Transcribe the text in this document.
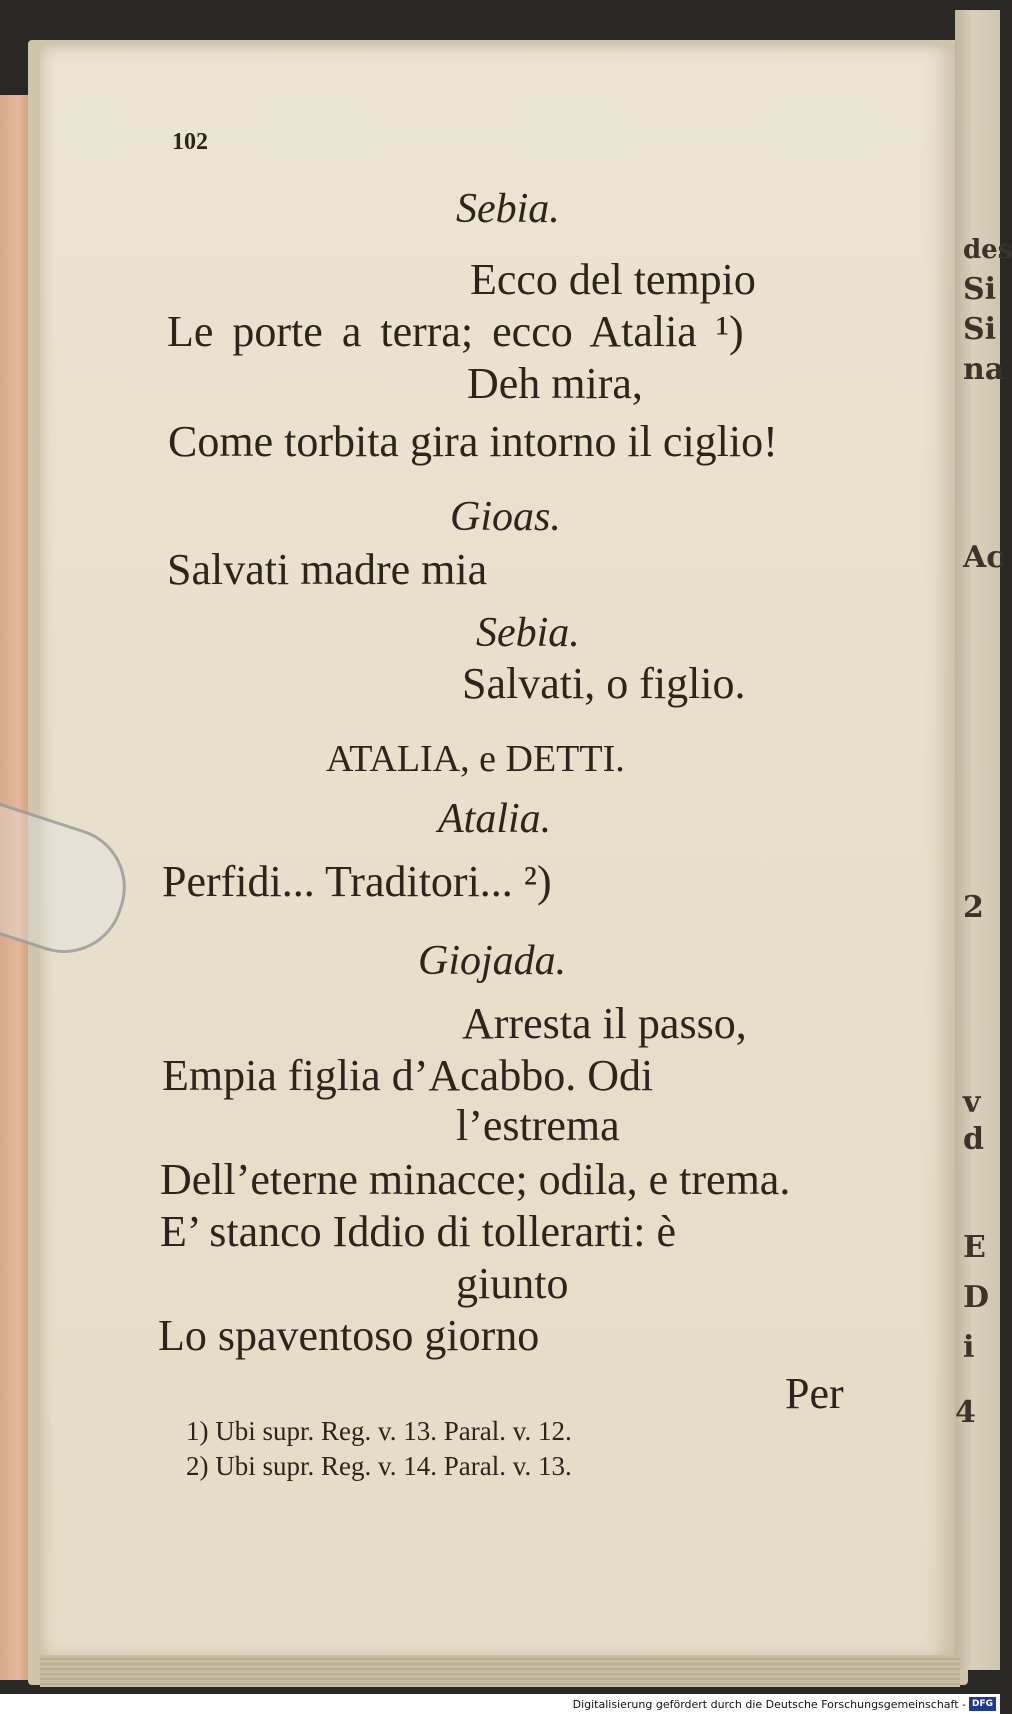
des
Si
Si
na
Ac
2
v
d
E
D
i
4

102

Sebia.

Ecco del tempio

Le porte a terra; ecco Atalia ¹)

Deh mira,

Come torbita gira intorno il ciglio!

Gioas.

Salvati madre mia

Sebia.

Salvati, o figlio.

ATALIA, e DETTI.

Atalia.

Perfidi... Traditori... ²)

Giojada.

Arresta il passo,

Empia figlia d’Acabbo. Odi

l’estrema

Dell’eterne minacce; odila, e trema.

E’ stanco Iddio di tollerarti: è

giunto

Lo spaventoso giorno

Per

1) Ubi supr. Reg. v. 13. Paral. v. 12.

2) Ubi supr. Reg. v. 14. Paral. v. 13.

Digitalisierung gefördert durch die Deutsche Forschungsgemeinschaft - DFG
